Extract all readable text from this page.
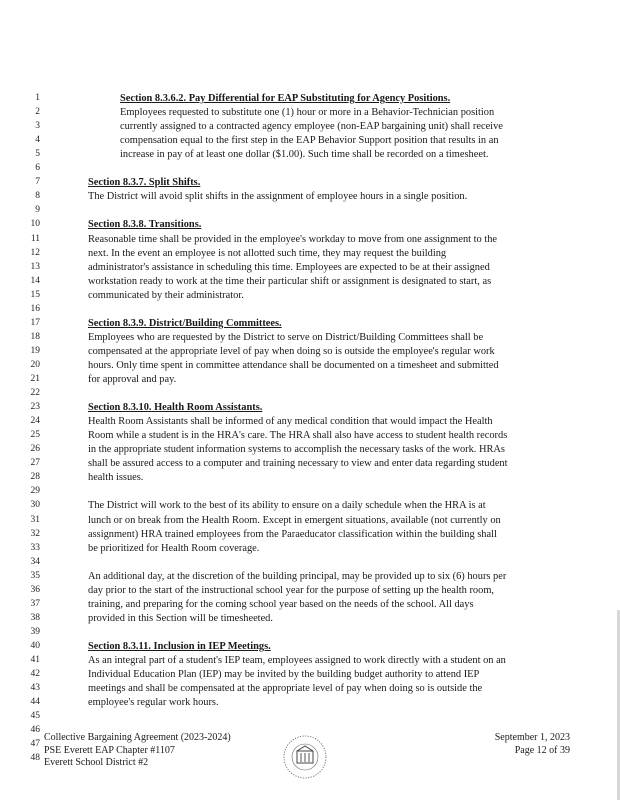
1
2
3
4
5
6
7
8
9
10
11
12
13
14
15
16
17
18
19
20
21
22
23
24
25
26
27
28
29
30
31
32
33
34
35
36
37
38
39
40
41
42
43
44
45
46
47
48
Section 8.3.6.2. Pay Differential for EAP Substituting for Agency Positions.
Employees requested to substitute one (1) hour or more in a Behavior-Technician position
currently assigned to a contracted agency employee (non-EAP bargaining unit) shall receive
compensation equal to the first step in the EAP Behavior Support position that results in an
increase in pay of at least one dollar ($1.00). Such time shall be recorded on a timesheet.
Section 8.3.7. Split Shifts.
The District will avoid split shifts in the assignment of employee hours in a single position.
Section 8.3.8. Transitions.
Reasonable time shall be provided in the employee's workday to move from one assignment to the
next. In the event an employee is not allotted such time, they may request the building
administrator's assistance in scheduling this time. Employees are expected to be at their assigned
workstation ready to work at the time their particular shift or assignment is designated to start, as
communicated by their administrator.
Section 8.3.9. District/Building Committees.
Employees who are requested by the District to serve on District/Building Committees shall be
compensated at the appropriate level of pay when doing so is outside the employee's regular work
hours. Only time spent in committee attendance shall be documented on a timesheet and submitted
for approval and pay.
Section 8.3.10. Health Room Assistants.
Health Room Assistants shall be informed of any medical condition that would impact the Health
Room while a student is in the HRA's care. The HRA shall also have access to student health records
in the appropriate student information systems to accomplish the necessary tasks of the work. HRAs
shall be assured access to a computer and training necessary to view and enter data regarding student
health issues.
The District will work to the best of its ability to ensure on a daily schedule when the HRA is at
lunch or on break from the Health Room. Except in emergent situations, available (not currently on
assignment) HRA trained employees from the Paraeducator classification within the building shall
be prioritized for Health Room coverage.
An additional day, at the discretion of the building principal, may be provided up to six (6) hours per
day prior to the start of the instructional school year for the purpose of setting up the health room,
training, and preparing for the coming school year based on the needs of the school. All days
provided in this Section will be timesheeted.
Section 8.3.11. Inclusion in IEP Meetings.
As an integral part of a student's IEP team, employees assigned to work directly with a student on an
Individual Education Plan (IEP) may be invited by the building budget authority to attend IEP
meetings and shall be compensated at the appropriate level of pay when doing so is outside the
employee's regular work hours.
Collective Bargaining Agreement (2023-2024)
PSE Everett EAP Chapter #1107
Everett School District #2
September 1, 2023
Page 12 of 39
